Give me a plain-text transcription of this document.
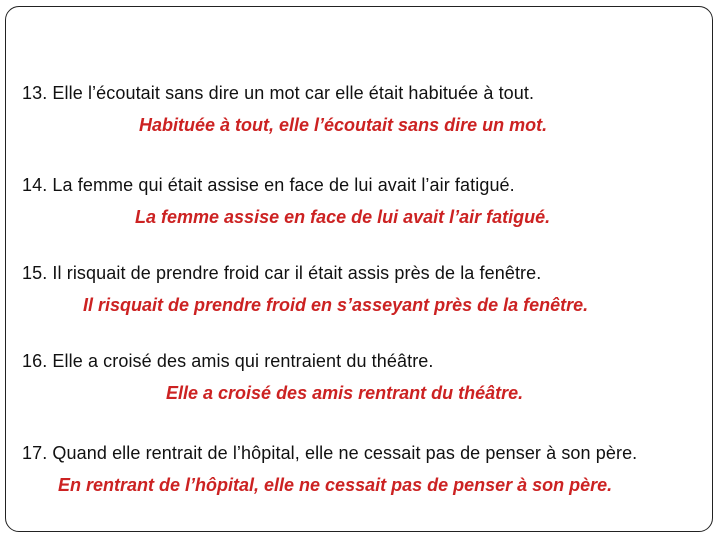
13. Elle l’écoutait sans dire un mot car elle était habituée à tout.
Habituée à tout, elle l’écoutait sans dire un mot.
14. La femme qui était assise en face de lui avait l’air fatigué.
La femme assise en face de lui avait l’air fatigué.
15. Il risquait de prendre froid car il était assis près de la fenêtre.
Il risquait de prendre froid en s’asseyant près de la fenêtre.
16. Elle a croisé des amis qui rentraient du théâtre.
Elle a croisé des amis rentrant du théâtre.
17. Quand elle rentrait de l’hôpital, elle ne cessait pas de penser à son père.
En rentrant de l’hôpital, elle ne cessait pas de penser à son père.
